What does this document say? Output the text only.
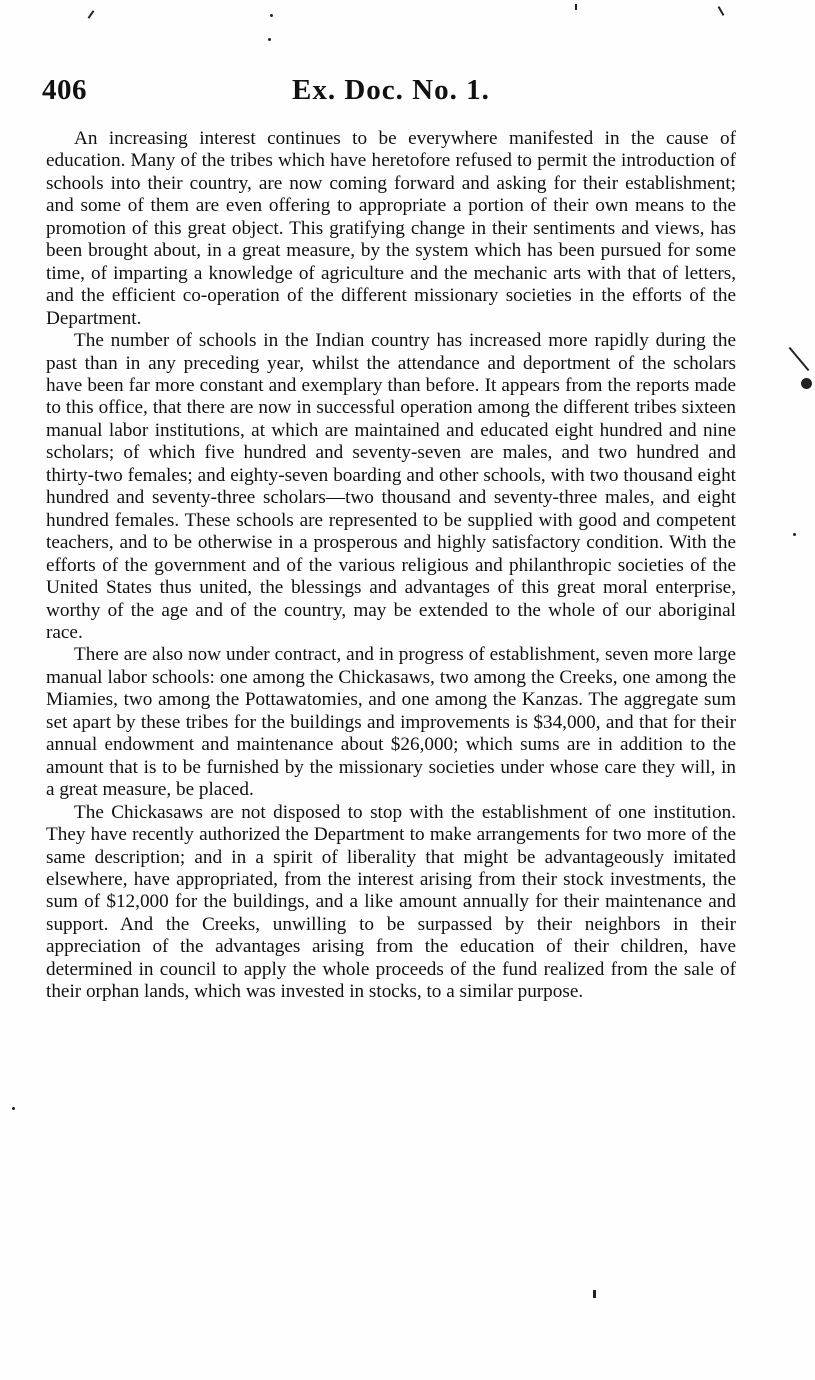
406	Ex. Doc. No. 1.

An increasing interest continues to be everywhere manifested in the cause of education. Many of the tribes which have heretofore refused to permit the introduction of schools into their country, are now coming forward and asking for their establishment; and some of them are even offering to appropriate a portion of their own means to the promotion of this great object. This gratifying change in their sentiments and views, has been brought about, in a great measure, by the system which has been pursued for some time, of imparting a knowledge of agriculture and the mechanic arts with that of letters, and the efficient co-operation of the different missionary societies in the efforts of the Department.

The number of schools in the Indian country has increased more rapidly during the past than in any preceding year, whilst the attendance and deportment of the scholars have been far more constant and exemplary than before. It appears from the reports made to this office, that there are now in successful operation among the different tribes sixteen manual labor institutions, at which are maintained and educated eight hundred and nine scholars; of which five hundred and seventy-seven are males, and two hundred and thirty-two females; and eighty-seven boarding and other schools, with two thousand eight hundred and seventy-three scholars—two thousand and seventy-three males, and eight hundred females. These schools are represented to be supplied with good and competent teachers, and to be otherwise in a prosperous and highly satisfactory condition. With the efforts of the government and of the various religious and philanthropic societies of the United States thus united, the blessings and advantages of this great moral enterprise, worthy of the age and of the country, may be extended to the whole of our aboriginal race.

There are also now under contract, and in progress of establishment, seven more large manual labor schools: one among the Chickasaws, two among the Creeks, one among the Miamies, two among the Pottawatomies, and one among the Kanzas. The aggregate sum set apart by these tribes for the buildings and improvements is $34,000, and that for their annual endowment and maintenance about $26,000; which sums are in addition to the amount that is to be furnished by the missionary societies under whose care they will, in a great measure, be placed.

The Chickasaws are not disposed to stop with the establishment of one institution. They have recently authorized the Department to make arrangements for two more of the same description; and in a spirit of liberality that might be advantageously imitated elsewhere, have appropriated, from the interest arising from their stock investments, the sum of $12,000 for the buildings, and a like amount annually for their maintenance and support. And the Creeks, unwilling to be surpassed by their neighbors in their appreciation of the advantages arising from the education of their children, have determined in council to apply the whole proceeds of the fund realized from the sale of their orphan lands, which was invested in stocks, to a similar purpose.
